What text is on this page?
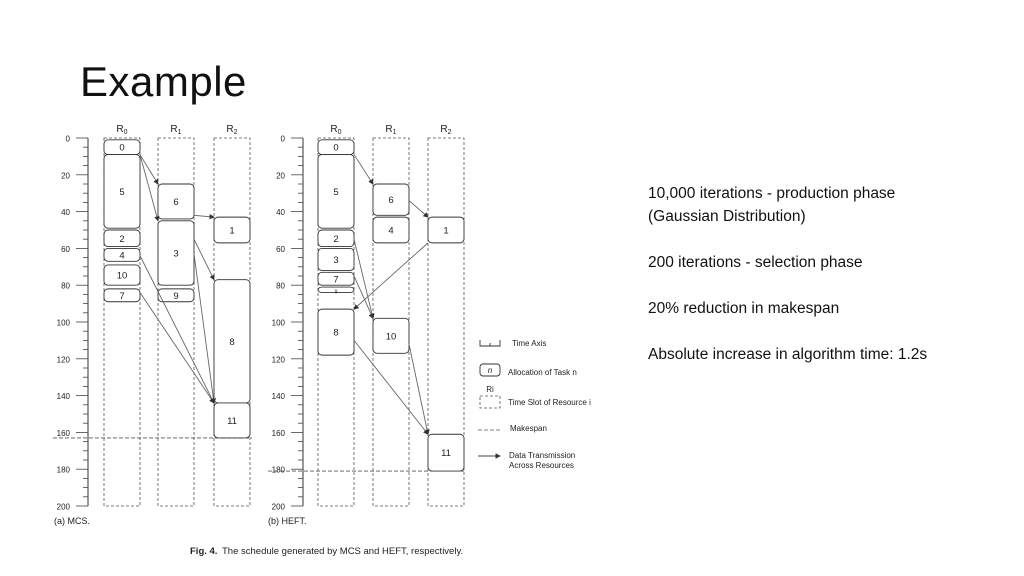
Example

10,000 iterations - production phase
(Gaussian Distribution)

200 iterations - selection phase

20% reduction in makespan

Absolute increase in algorithm time: 1.2s

0
20
40
60
80
100
120
140
160
180
200
$R_0$	$R_1$	$R_2$
0
5
2
4
10
7
6
3
9
1
8
11
(a) MCS.
0
20
40
60
80
100
120
140
160
180
200
$R_0$	$R_1$	$R_2$
0
5
2
3
7
9
8
6
4
10
1
11
(b) HEFT.
Time Axis
n Allocation of Task n
Ri
Time Slot of Resource i
Makespan
Data Transmission
Across Resources
Fig. 4. The schedule generated by MCS and HEFT, respectively.
